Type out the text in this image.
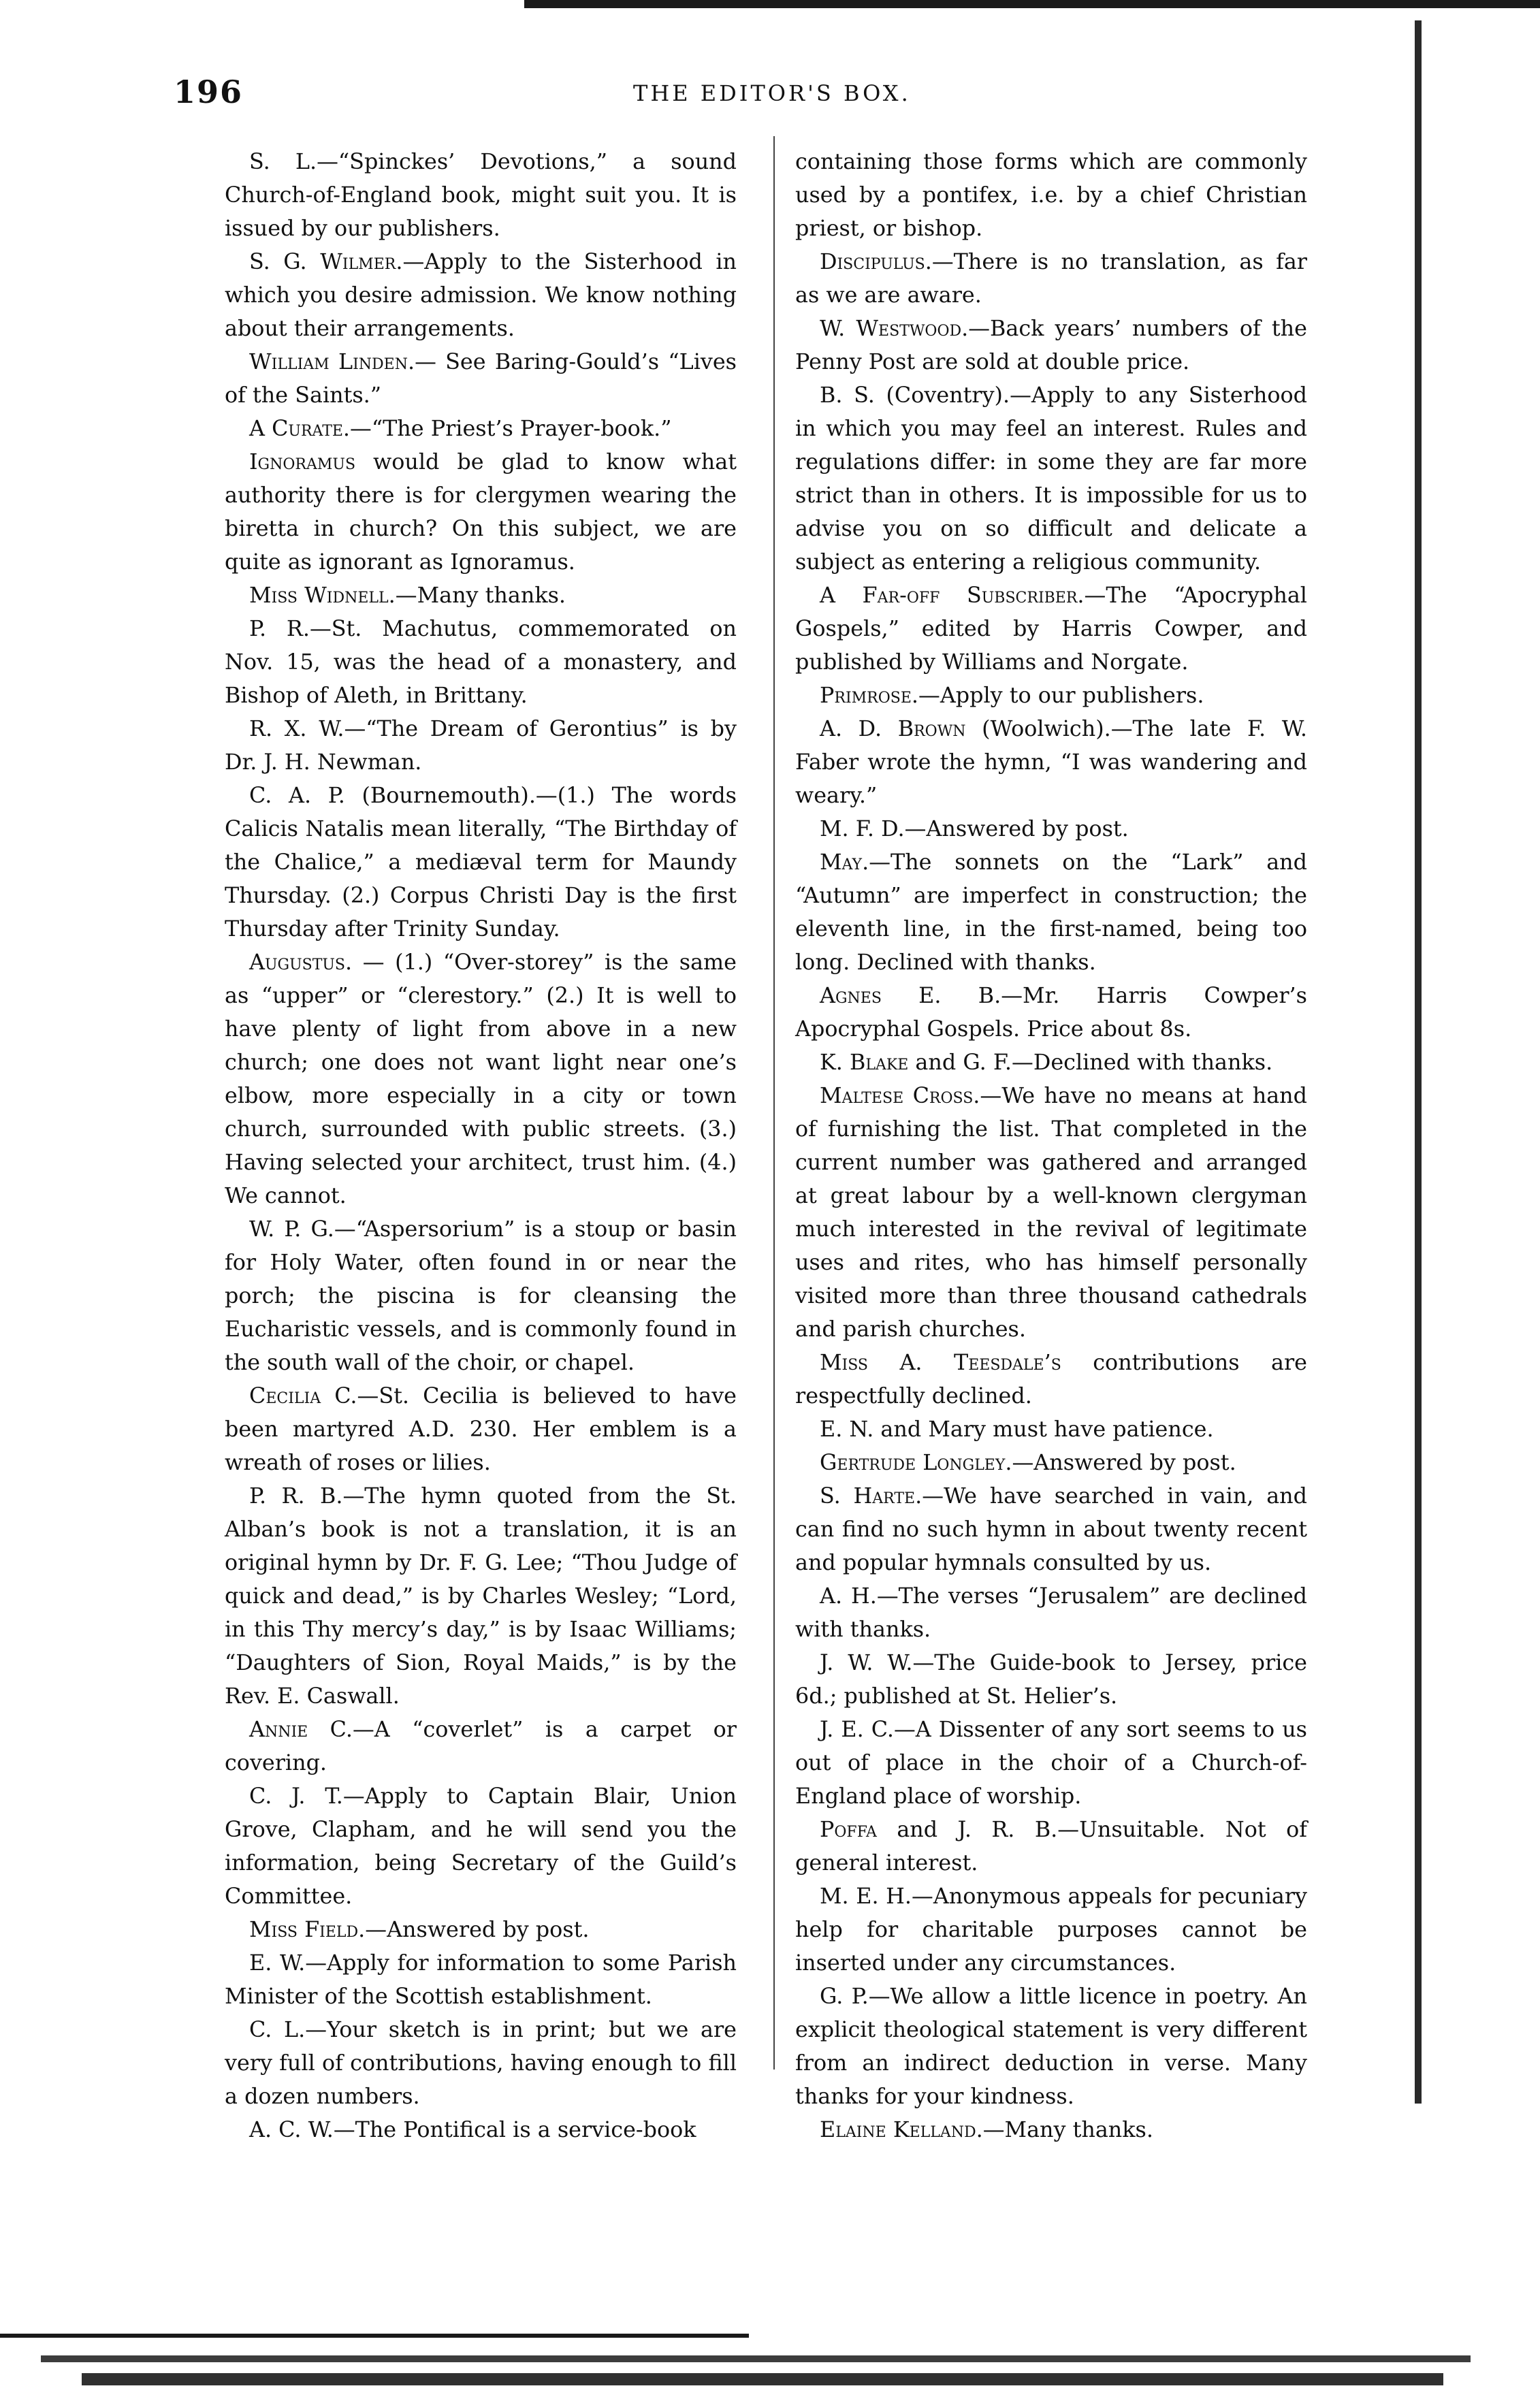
196	THE EDITOR'S BOX.

S. L.—“Spinckes’ Devotions,” a sound Church-of-England book, might suit you. It is issued by our publishers.

S. G. Wilmer.—Apply to the Sisterhood in which you desire admission. We know nothing about their arrangements.

William Linden.— See Baring-Gould’s “Lives of the Saints.”

A Curate.—“The Priest’s Prayer-book.”

Ignoramus would be glad to know what authority there is for clergymen wearing the biretta in church? On this subject, we are quite as ignorant as Ignoramus.

Miss Widnell.—Many thanks.

P. R.—St. Machutus, commemorated on Nov. 15, was the head of a monastery, and Bishop of Aleth, in Brittany.

R. X. W.—“The Dream of Gerontius” is by Dr. J. H. Newman.

C. A. P. (Bournemouth).—(1.) The words Calicis Natalis mean literally, “The Birthday of the Chalice,” a mediæval term for Maundy Thursday. (2.) Corpus Christi Day is the first Thursday after Trinity Sunday.

Augustus. — (1.) “Over-storey” is the same as “upper” or “clerestory.” (2.) It is well to have plenty of light from above in a new church; one does not want light near one’s elbow, more especially in a city or town church, surrounded with public streets. (3.) Having selected your architect, trust him. (4.) We cannot.

W. P. G.—“Aspersorium” is a stoup or basin for Holy Water, often found in or near the porch; the piscina is for cleansing the Eucharistic vessels, and is commonly found in the south wall of the choir, or chapel.

Cecilia C.—St. Cecilia is believed to have been martyred A.D. 230. Her emblem is a wreath of roses or lilies.

P. R. B.—The hymn quoted from the St. Alban’s book is not a translation, it is an original hymn by Dr. F. G. Lee; “Thou Judge of quick and dead,” is by Charles Wesley; “Lord, in this Thy mercy’s day,” is by Isaac Williams; “Daughters of Sion, Royal Maids,” is by the Rev. E. Caswall.

Annie C.—A “coverlet” is a carpet or covering.

C. J. T.—Apply to Captain Blair, Union Grove, Clapham, and he will send you the information, being Secretary of the Guild’s Committee.

Miss Field.—Answered by post.

E. W.—Apply for information to some Parish Minister of the Scottish establishment.

C. L.—Your sketch is in print; but we are very full of contributions, having enough to fill a dozen numbers.

A. C. W.—The Pontifical is a service-book

containing those forms which are commonly used by a pontifex, i.e. by a chief Christian priest, or bishop.

Discipulus.—There is no translation, as far as we are aware.

W. Westwood.—Back years’ numbers of the Penny Post are sold at double price.

B. S. (Coventry).—Apply to any Sisterhood in which you may feel an interest. Rules and regulations differ: in some they are far more strict than in others. It is impossible for us to advise you on so difficult and delicate a subject as entering a religious community.

A Far-off Subscriber.—The “Apocryphal Gospels,” edited by Harris Cowper, and published by Williams and Norgate.

Primrose.—Apply to our publishers.

A. D. Brown (Woolwich).—The late F. W. Faber wrote the hymn, “I was wandering and weary.”

M. F. D.—Answered by post.

May.—The sonnets on the “Lark” and “Autumn” are imperfect in construction; the eleventh line, in the first-named, being too long. Declined with thanks.

Agnes E. B.—Mr. Harris Cowper’s Apocryphal Gospels. Price about 8s.

K. Blake and G. F.—Declined with thanks.

Maltese Cross.—We have no means at hand of furnishing the list. That completed in the current number was gathered and arranged at great labour by a well-known clergyman much interested in the revival of legitimate uses and rites, who has himself personally visited more than three thousand cathedrals and parish churches.

Miss A. Teesdale’s contributions are respectfully declined.

E. N. and Mary must have patience.

Gertrude Longley.—Answered by post.

S. Harte.—We have searched in vain, and can find no such hymn in about twenty recent and popular hymnals consulted by us.

A. H.—The verses “Jerusalem” are declined with thanks.

J. W. W.—The Guide-book to Jersey, price 6d.; published at St. Helier’s.

J. E. C.—A Dissenter of any sort seems to us out of place in the choir of a Church-of-England place of worship.

Poffa and J. R. B.—Unsuitable. Not of general interest.

M. E. H.—Anonymous appeals for pecuniary help for charitable purposes cannot be inserted under any circumstances.

G. P.—We allow a little licence in poetry. An explicit theological statement is very different from an indirect deduction in verse. Many thanks for your kindness.

Elaine Kelland.—Many thanks.
